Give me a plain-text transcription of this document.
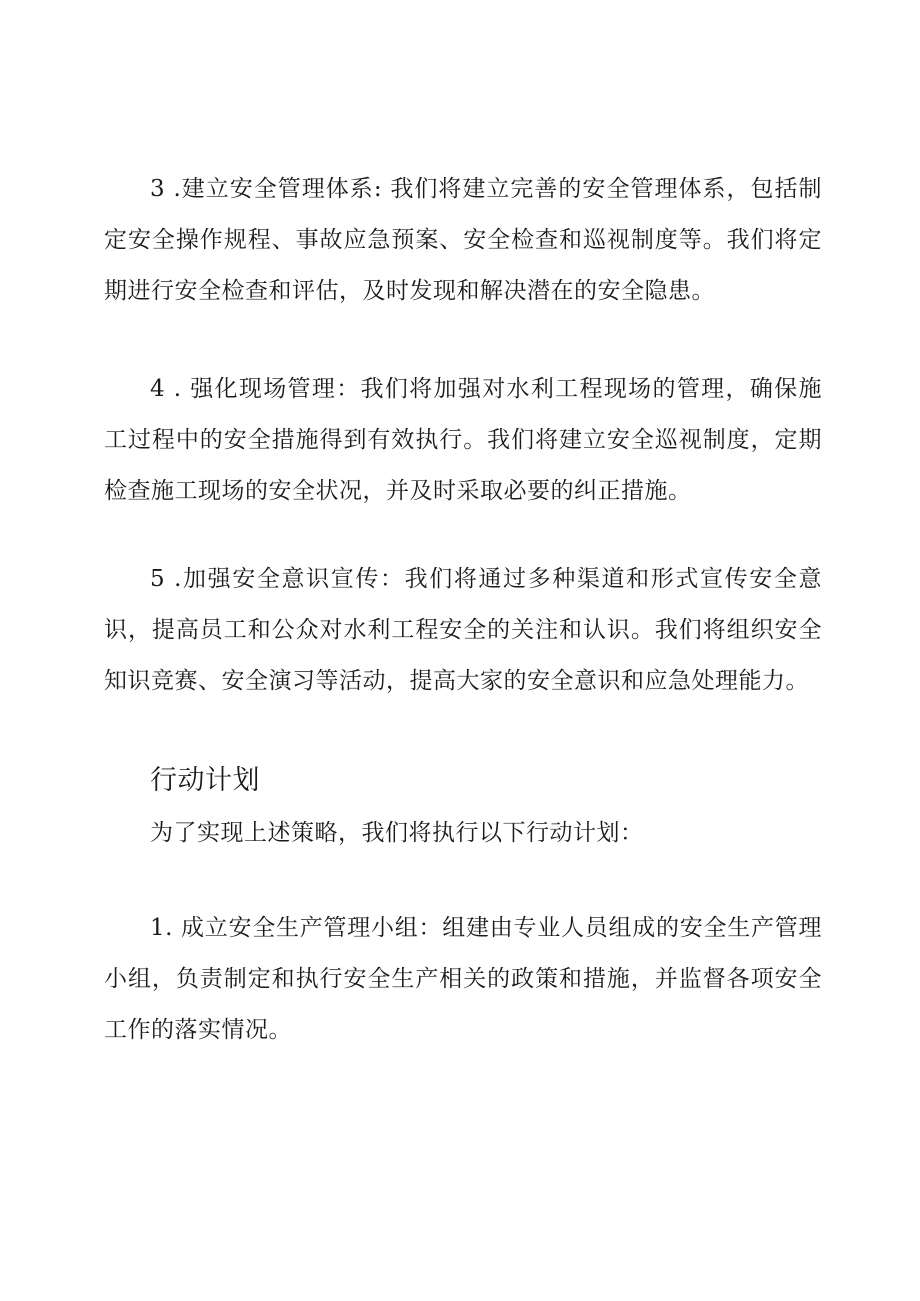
3 .建立安全管理体系: 我们将建立完善的安全管理体系，包括制定安全操作规程、事故应急预案、安全检查和巡视制度等。我们将定期进行安全检查和评估，及时发现和解决潜在的安全隐患。

4 . 强化现场管理：我们将加强对水利工程现场的管理，确保施工过程中的安全措施得到有效执行。我们将建立安全巡视制度，定期检查施工现场的安全状况，并及时采取必要的纠正措施。

5 .加强安全意识宣传：我们将通过多种渠道和形式宣传安全意识，提高员工和公众对水利工程安全的关注和认识。我们将组织安全知识竞赛、安全演习等活动，提高大家的安全意识和应急处理能力。

行动计划

为了实现上述策略，我们将执行以下行动计划：

1. 成立安全生产管理小组：组建由专业人员组成的安全生产管理小组，负责制定和执行安全生产相关的政策和措施，并监督各项安全工作的落实情况。
